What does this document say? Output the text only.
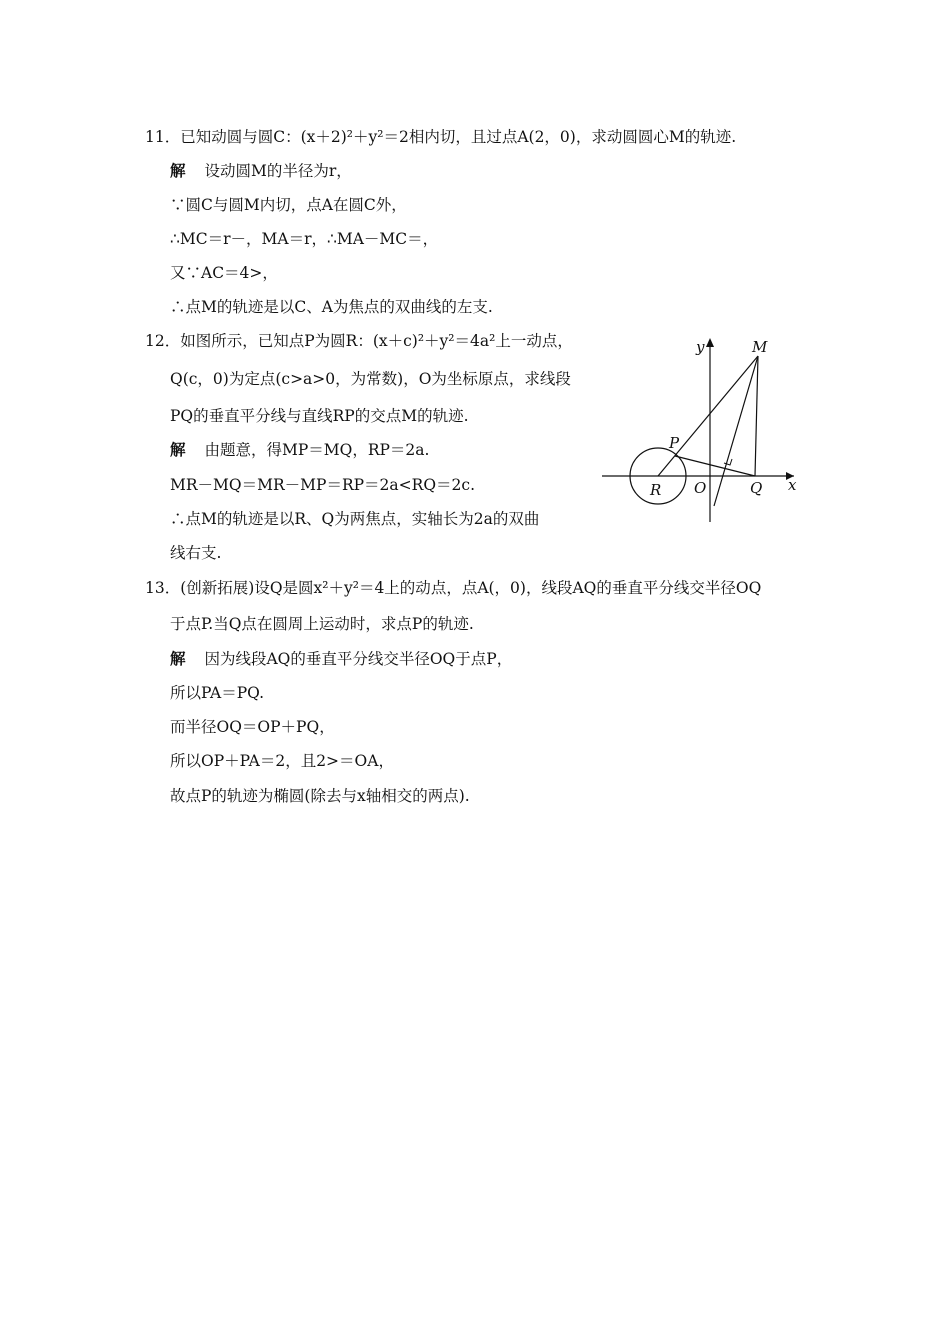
11．已知动圆与圆C：(x＋2)²＋y²＝2相内切，且过点A(2，0)，求动圆圆心M的轨迹.
解 设动圆M的半径为r，
∵圆C与圆M内切，点A在圆C外，
∴MC＝r－，MA＝r，∴MA－MC＝，
又∵AC＝4>，
∴点M的轨迹是以C、A为焦点的双曲线的左支.
12．如图所示，已知点P为圆R：(x＋c)²＋y²＝4a²上一动点，
Q(c，0)为定点(c>a>0，为常数)，O为坐标原点，求线段
PQ的垂直平分线与直线RP的交点M的轨迹.
解 由题意，得MP＝MQ，RP＝2a.
MR－MQ＝MR－MP＝RP＝2a<RQ＝2c.
∴点M的轨迹是以R、Q为两焦点，实轴长为2a的双曲
线右支.
13．(创新拓展)设Q是圆x²＋y²＝4上的动点，点A(，0)，线段AQ的垂直平分线交半径OQ
于点P.当Q点在圆周上运动时，求点P的轨迹.
解 因为线段AQ的垂直平分线交半径OQ于点P，
所以PA＝PQ.
而半径OQ＝OP＋PQ，
所以OP＋PA＝2，且2>＝OA，
故点P的轨迹为椭圆(除去与x轴相交的两点).
y	M
P
R O	Q x
